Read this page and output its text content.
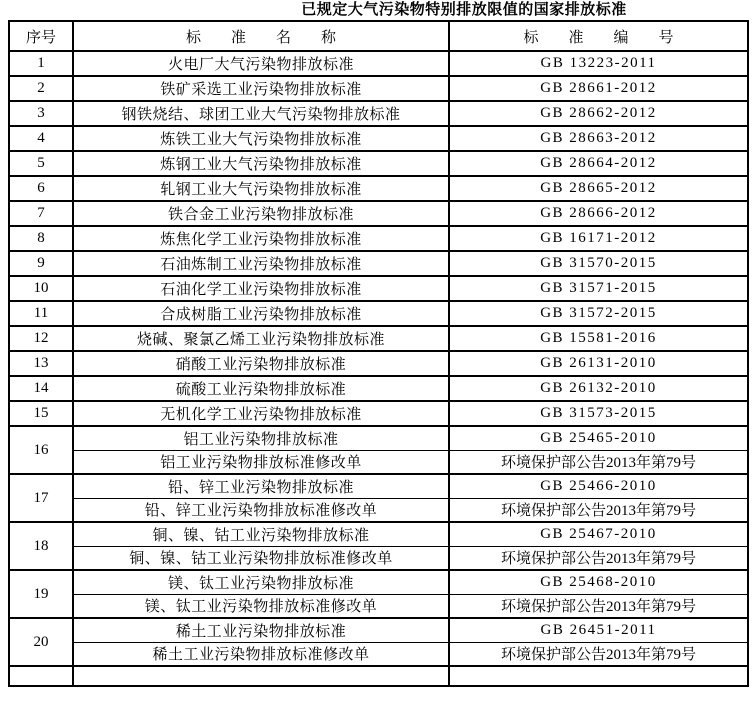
已规定大气污染物特别排放限值的国家排放标准
序号	标　　准　　名　　称	标　　准　　编　　号
1	火电厂大气污染物排放标准	GB 13223-2011
2	铁矿采选工业污染物排放标准	GB 28661-2012
3	钢铁烧结、球团工业大气污染物排放标准	GB 28662-2012
4	炼铁工业大气污染物排放标准	GB 28663-2012
5	炼钢工业大气污染物排放标准	GB 28664-2012
6	轧钢工业大气污染物排放标准	GB 28665-2012
7	铁合金工业污染物排放标准	GB 28666-2012
8	炼焦化学工业污染物排放标准	GB 16171-2012
9	石油炼制工业污染物排放标准	GB 31570-2015
10	石油化学工业污染物排放标准	GB 31571-2015
11	合成树脂工业污染物排放标准	GB 31572-2015
12	烧碱、聚氯乙烯工业污染物排放标准	GB 15581-2016
13	硝酸工业污染物排放标准	GB 26131-2010
14	硫酸工业污染物排放标准	GB 26132-2010
15	无机化学工业污染物排放标准	GB 31573-2015
16	铝工业污染物排放标准	GB 25465-2010
	铝工业污染物排放标准修改单	环境保护部公告2013年第79号
17	铅、锌工业污染物排放标准	GB 25466-2010
	铅、锌工业污染物排放标准修改单	环境保护部公告2013年第79号
18	铜、镍、钴工业污染物排放标准	GB 25467-2010
	铜、镍、钴工业污染物排放标准修改单	环境保护部公告2013年第79号
19	镁、钛工业污染物排放标准	GB 25468-2010
	镁、钛工业污染物排放标准修改单	环境保护部公告2013年第79号
20	稀土工业污染物排放标准	GB 26451-2011
	稀土工业污染物排放标准修改单	环境保护部公告2013年第79号
